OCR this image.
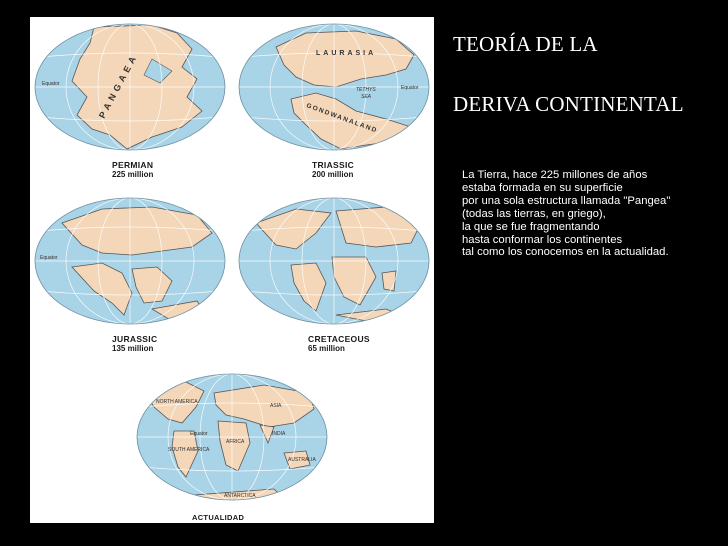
Equator	PANGAEA
PERMIAN
225 million
LAURASIA
TETHYS
SEA
Equator
GONDWANALAND
TRIASSIC
200 million
Equator
JURASSIC
135 million
CRETACEOUS
65 million
NORTH AMERICA
SOUTH AMERICA
Equator
AFRICA
ASIA
INDIA
AUSTRALIA
ANTARCTICA
ACTUALIDAD
TEORÍA DE LA
DERIVA CONTINENTAL
La Tierra, hace 225 millones de años
estaba formada en su superficie
por una sola estructura llamada "Pangea"
(todas las tierras, en griego),
la que se fue fragmentando
hasta conformar los continentes
tal como los conocemos en la actualidad.
